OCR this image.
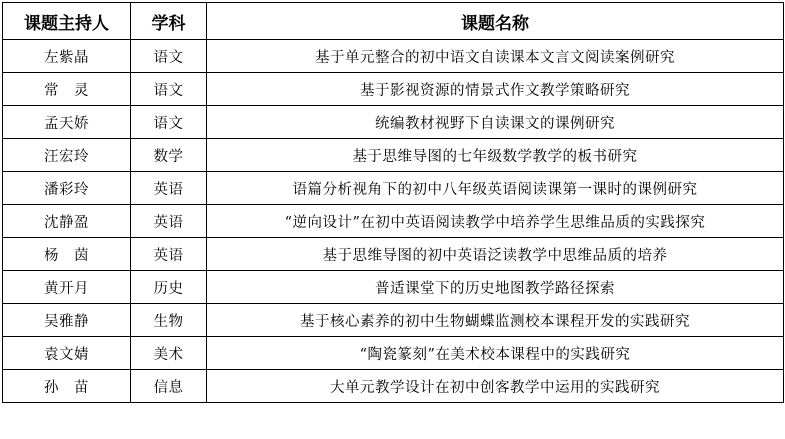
课题主持人	学科	课题名称
左紫晶	语文	基于单元整合的初中语文自读课本文言文阅读案例研究
常　灵	语文	基于影视资源的情景式作文教学策略研究
孟天娇	语文	统编教材视野下自读课文的课例研究
汪宏玲	数学	基于思维导图的七年级数学教学的板书研究
潘彩玲	英语	语篇分析视角下的初中八年级英语阅读课第一课时的课例研究
沈静盈	英语	“逆向设计”在初中英语阅读教学中培养学生思维品质的实践探究
杨　茵	英语	基于思维导图的初中英语泛读教学中思维品质的培养
黄开月	历史	普适课堂下的历史地图教学路径探索
吴雅静	生物	基于核心素养的初中生物蝴蝶监测校本课程开发的实践研究
袁文婧	美术	“陶瓷篆刻”在美术校本课程中的实践研究
孙　苗	信息	大单元教学设计在初中创客教学中运用的实践研究
